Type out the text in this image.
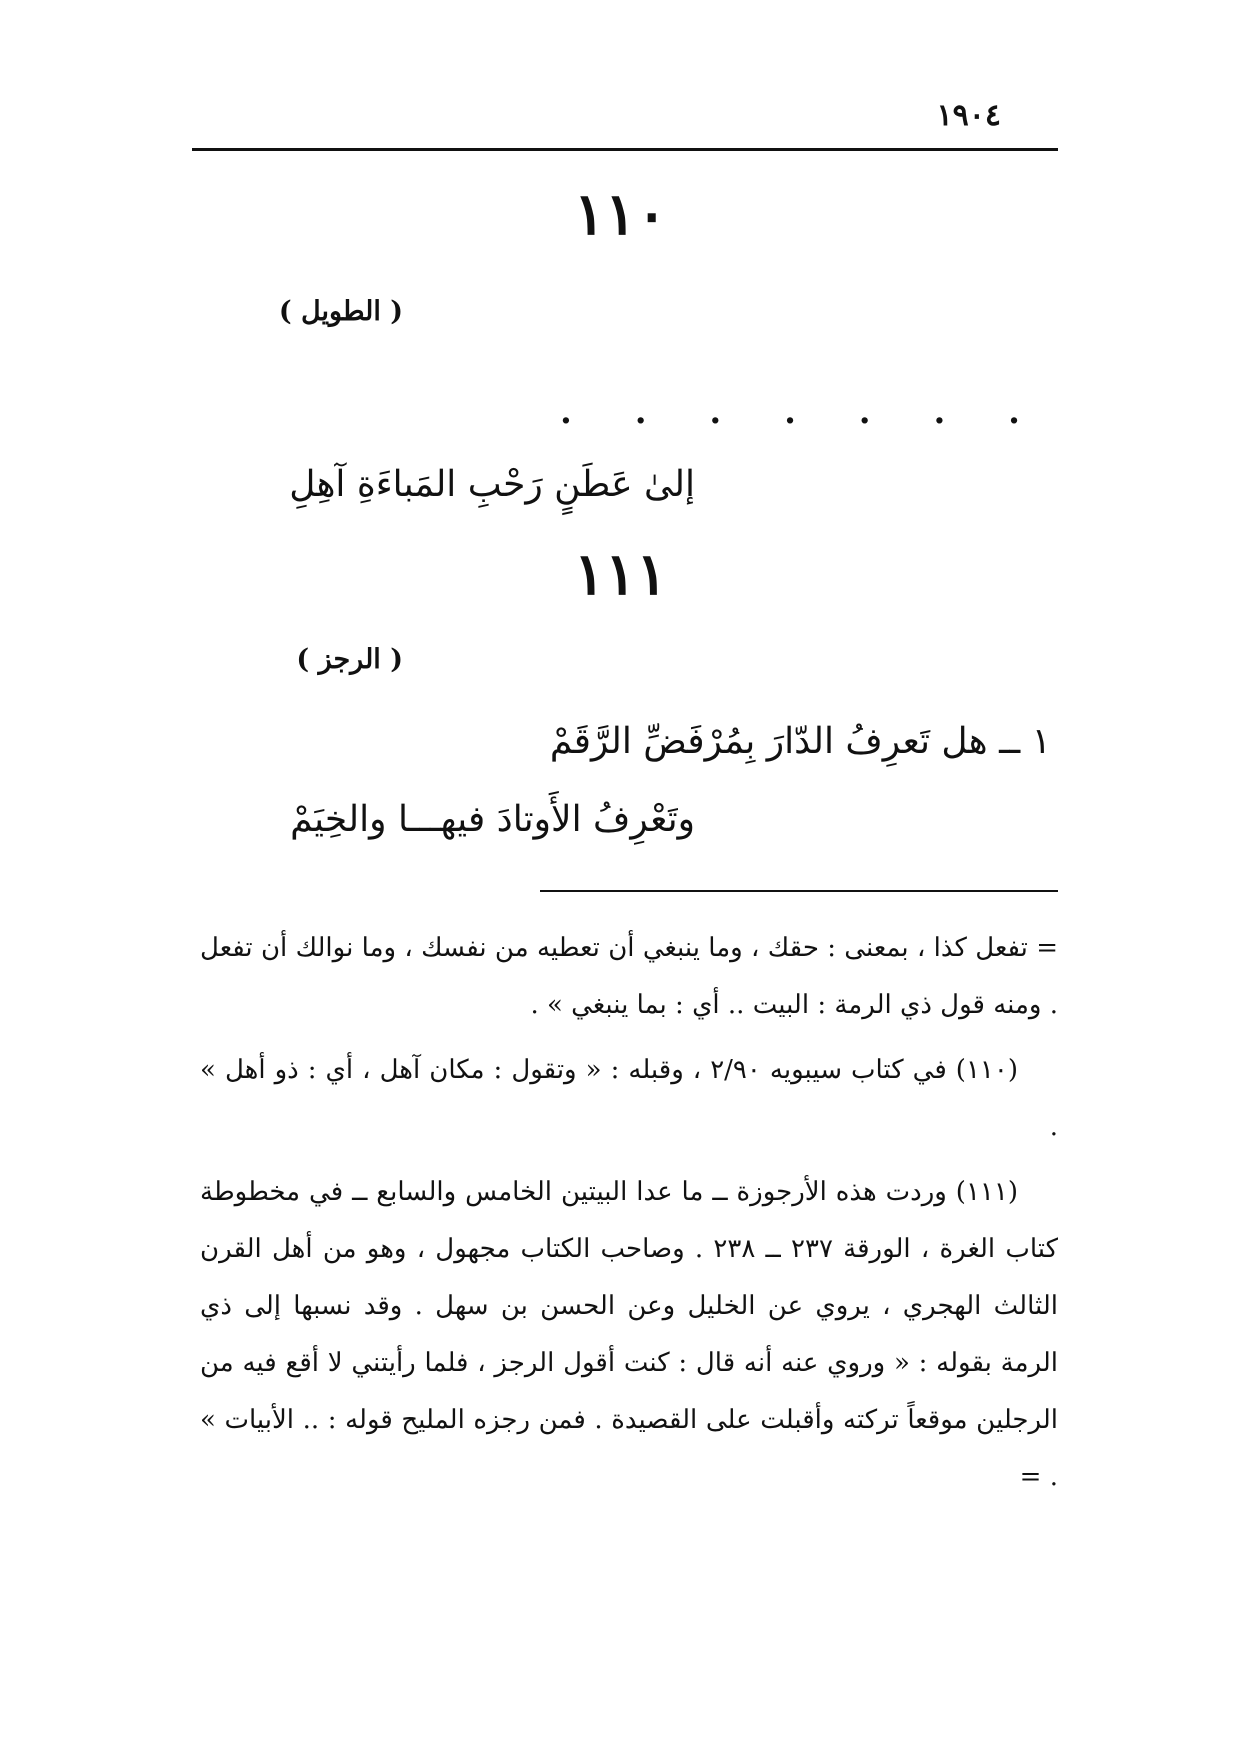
١٩٠٤
١١٠
( الطويل )
. . . . . . .
إلىٰ عَطَنٍ رَحْبِ المَباءَةِ آهِلِ
١١١
( الرجز )
١ ــ هل تَعرِفُ الدّارَ بِمُرْفَضِّ الرَّقَمْ
وتَعْرِفُ الأَوتادَ فيهـــا والخِيَمْ

= تفعل كذا ، بمعنى : حقك ، وما ينبغي أن تعطيه من نفسك ، وما نوالك أن تفعل . ومنه قول ذي الرمة : البيت .. أي : بما ينبغي » .

(١١٠) في كتاب سيبويه ٢/٩٠ ، وقبله : « وتقول : مكان آهل ، أي : ذو أهل » .

(١١١) وردت هذه الأرجوزة ــ ما عدا البيتين الخامس والسابع ــ في مخطوطة كتاب الغرة ، الورقة ٢٣٧ ــ ٢٣٨ . وصاحب الكتاب مجهول ، وهو من أهل القرن الثالث الهجري ، يروي عن الخليل وعن الحسن بن سهل . وقد نسبها إلى ذي الرمة بقوله : « وروي عنه أنه قال : كنت أقول الرجز ، فلما رأيتني لا أقع فيه من الرجلين موقعاً تركته وأقبلت على القصيدة . فمن رجزه المليح قوله : .. الأبيات » . =
